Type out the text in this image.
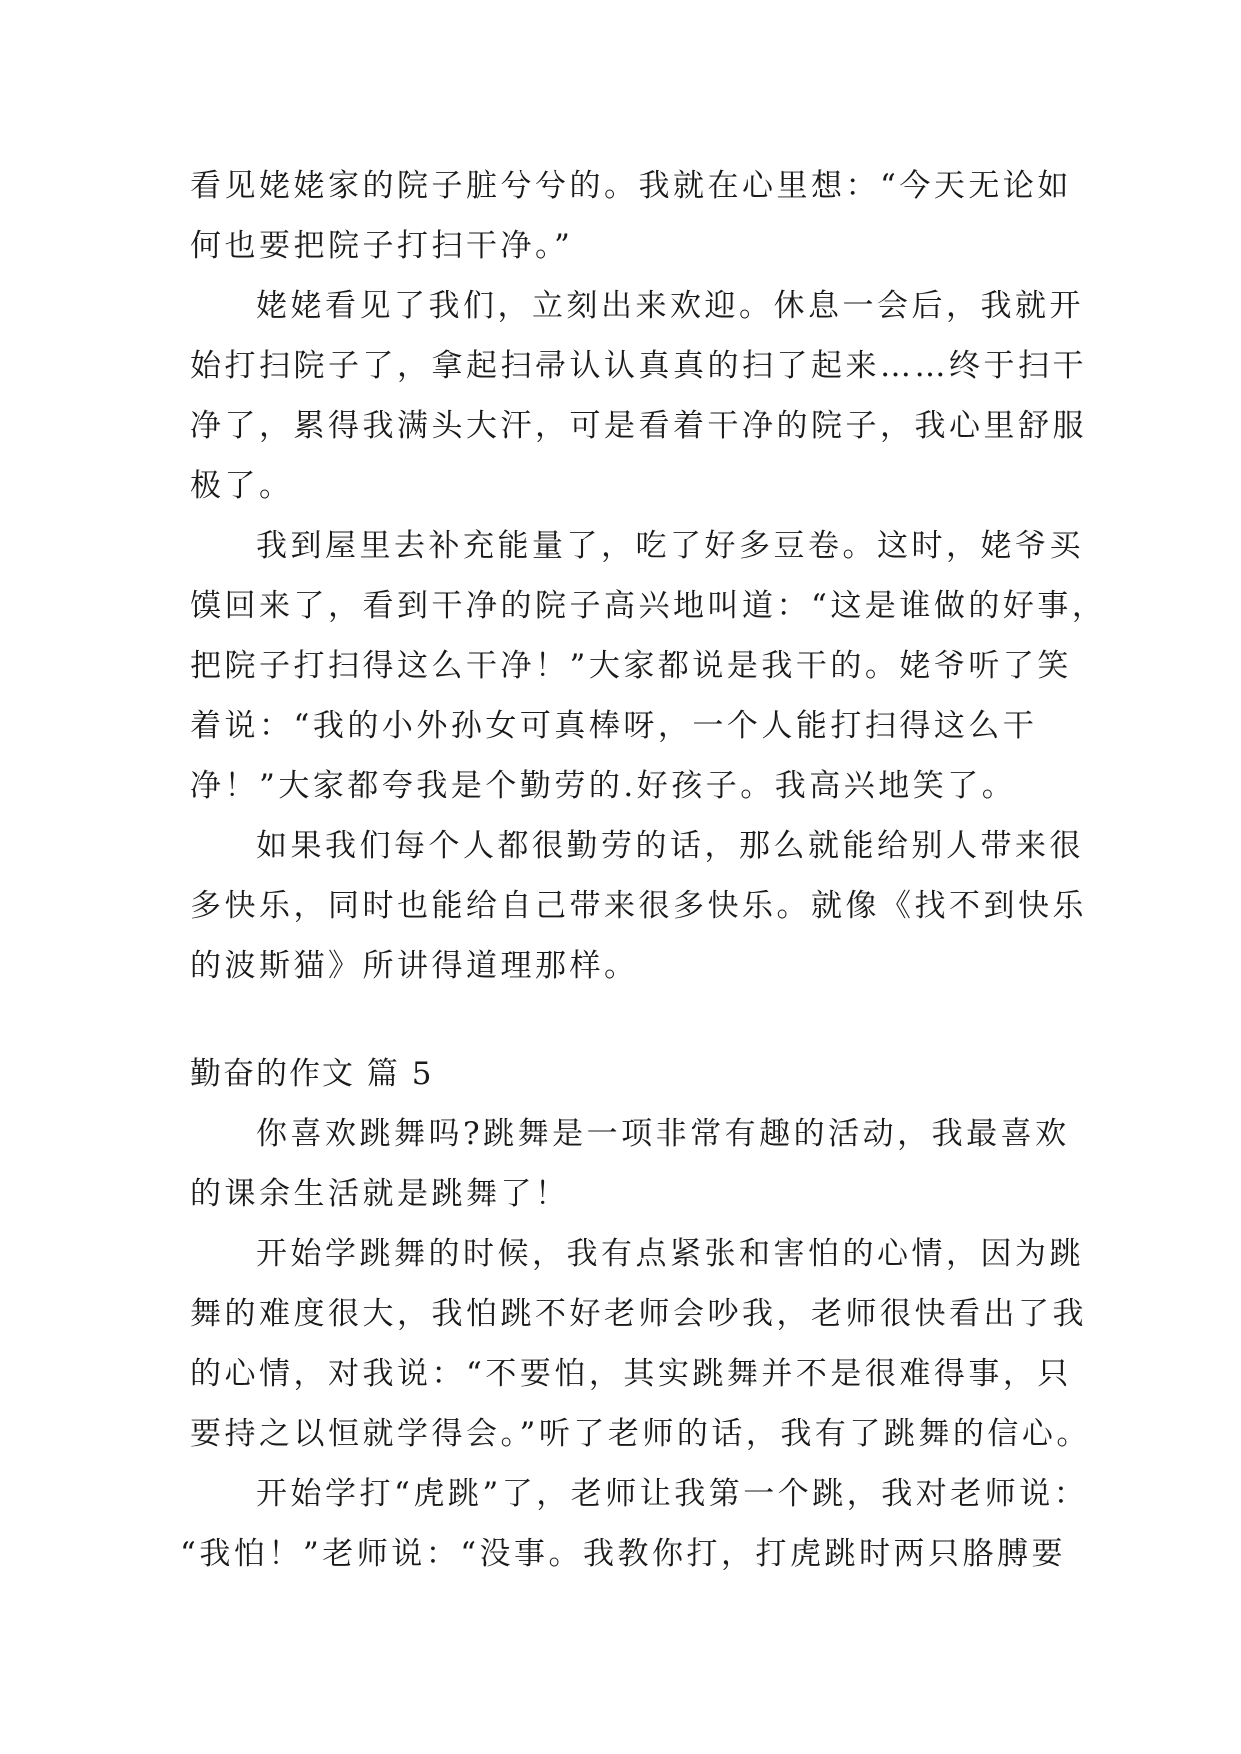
看见姥姥家的院子脏兮兮的。我就在心里想：“今天无论如
何也要把院子打扫干净。”
姥姥看见了我们，立刻出来欢迎。休息一会后，我就开
始打扫院子了，拿起扫帚认认真真的扫了起来……终于扫干
净了，累得我满头大汗，可是看着干净的院子，我心里舒服
极了。
我到屋里去补充能量了，吃了好多豆卷。这时，姥爷买
馍回来了，看到干净的院子高兴地叫道：“这是谁做的好事，
把院子打扫得这么干净！”大家都说是我干的。姥爷听了笑
着说：“我的小外孙女可真棒呀，一个人能打扫得这么干
净！”大家都夸我是个勤劳的.好孩子。我高兴地笑了。
如果我们每个人都很勤劳的话，那么就能给别人带来很
多快乐，同时也能给自己带来很多快乐。就像《找不到快乐
的波斯猫》所讲得道理那样。
勤奋的作文 篇 5
你喜欢跳舞吗?跳舞是一项非常有趣的活动，我最喜欢
的课余生活就是跳舞了！
开始学跳舞的时候，我有点紧张和害怕的心情，因为跳
舞的难度很大，我怕跳不好老师会吵我，老师很快看出了我
的心情，对我说：“不要怕，其实跳舞并不是很难得事，只
要持之以恒就学得会。”听了老师的话，我有了跳舞的信心。
开始学打“虎跳”了，老师让我第一个跳，我对老师说：
“我怕！”老师说：“没事。我教你打，打虎跳时两只胳膊要
